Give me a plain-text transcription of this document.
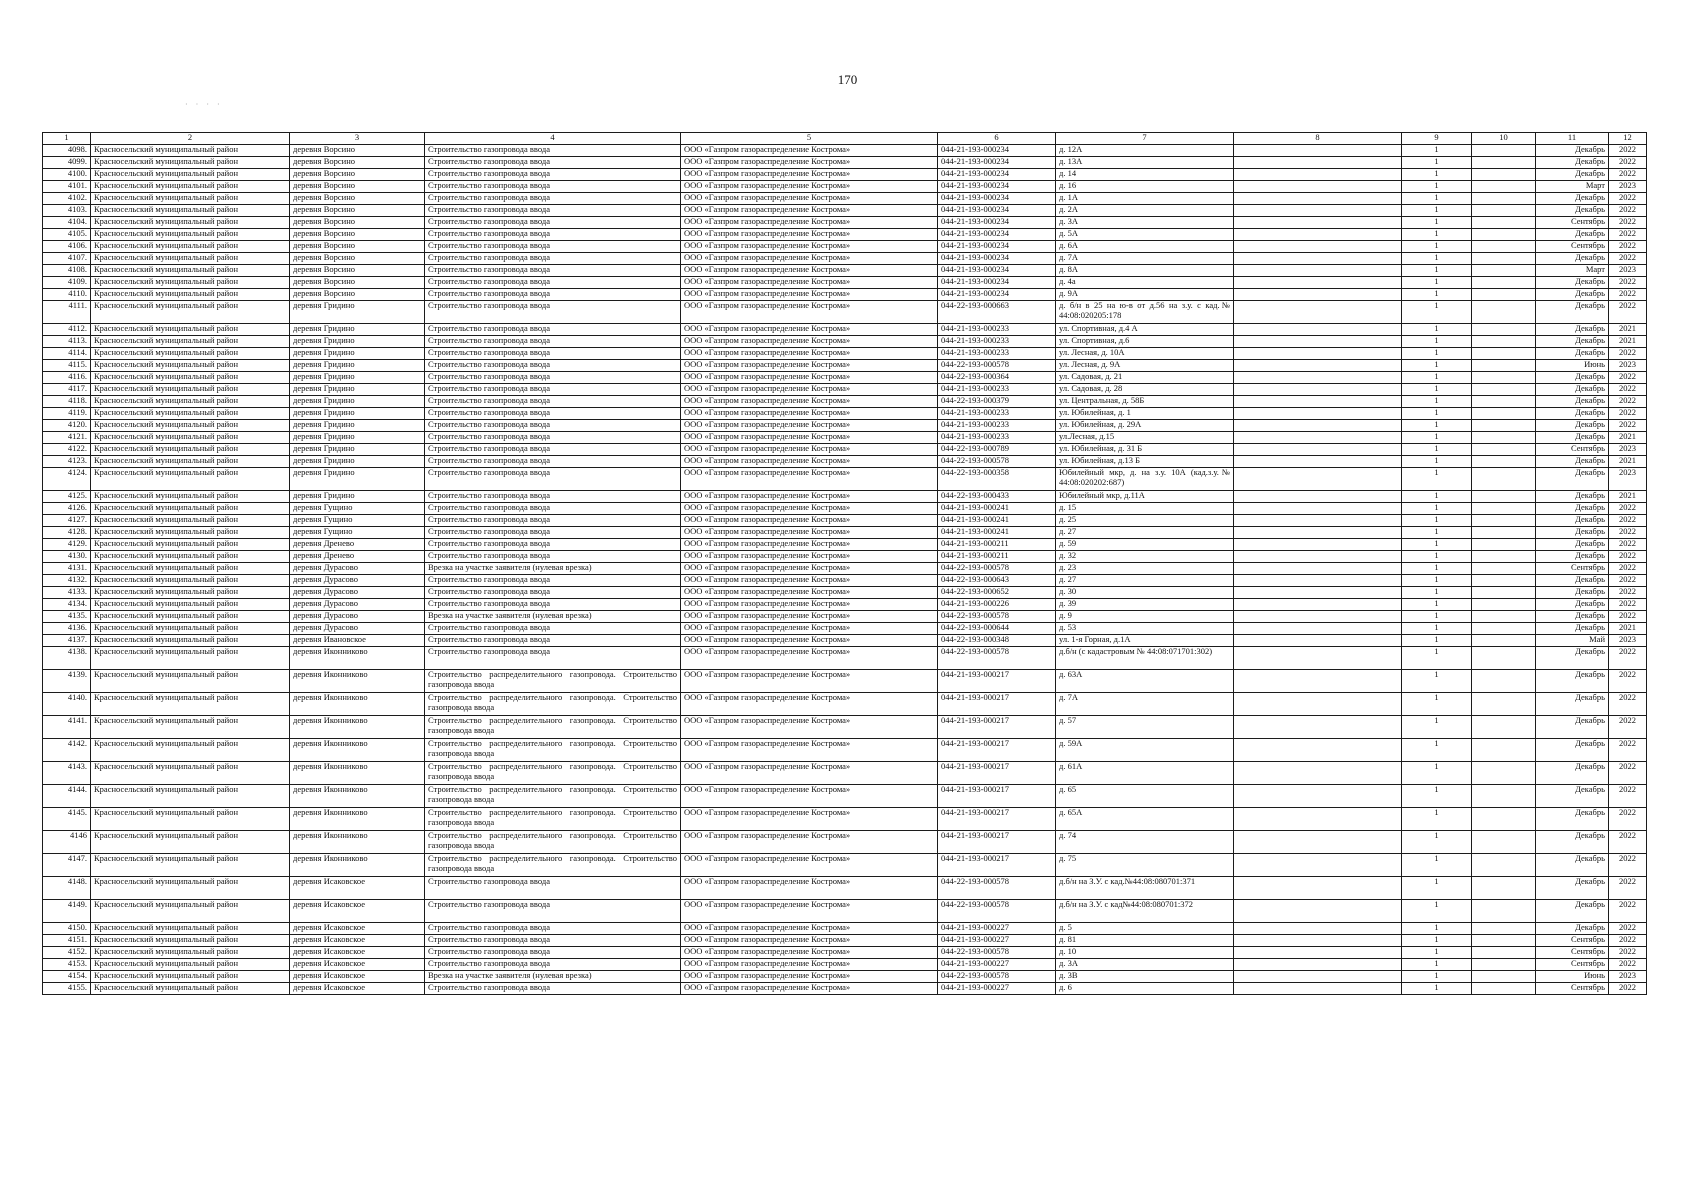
170
· · · ·
1	2	3	4	5	6	7	8	9	10	11	12
4098.	Красносельский муниципальный район	деревня Ворсино	Строительство газопровода ввода	ООО «Газпром газораспределение Кострома»	044-21-193-000234	д. 12А		1		Декабрь	2022
4099.	Красносельский муниципальный район	деревня Ворсино	Строительство газопровода ввода	ООО «Газпром газораспределение Кострома»	044-21-193-000234	д. 13А		1		Декабрь	2022
4100.	Красносельский муниципальный район	деревня Ворсино	Строительство газопровода ввода	ООО «Газпром газораспределение Кострома»	044-21-193-000234	д. 14		1		Декабрь	2022
4101.	Красносельский муниципальный район	деревня Ворсино	Строительство газопровода ввода	ООО «Газпром газораспределение Кострома»	044-21-193-000234	д. 16		1		Март	2023
4102.	Красносельский муниципальный район	деревня Ворсино	Строительство газопровода ввода	ООО «Газпром газораспределение Кострома»	044-21-193-000234	д. 1А		1		Декабрь	2022
4103.	Красносельский муниципальный район	деревня Ворсино	Строительство газопровода ввода	ООО «Газпром газораспределение Кострома»	044-21-193-000234	д. 2А		1		Декабрь	2022
4104.	Красносельский муниципальный район	деревня Ворсино	Строительство газопровода ввода	ООО «Газпром газораспределение Кострома»	044-21-193-000234	д. 3А		1		Сентябрь	2022
4105.	Красносельский муниципальный район	деревня Ворсино	Строительство газопровода ввода	ООО «Газпром газораспределение Кострома»	044-21-193-000234	д. 5А		1		Декабрь	2022
4106.	Красносельский муниципальный район	деревня Ворсино	Строительство газопровода ввода	ООО «Газпром газораспределение Кострома»	044-21-193-000234	д. 6А		1		Сентябрь	2022
4107.	Красносельский муниципальный район	деревня Ворсино	Строительство газопровода ввода	ООО «Газпром газораспределение Кострома»	044-21-193-000234	д. 7А		1		Декабрь	2022
4108.	Красносельский муниципальный район	деревня Ворсино	Строительство газопровода ввода	ООО «Газпром газораспределение Кострома»	044-21-193-000234	д. 8А		1		Март	2023
4109.	Красносельский муниципальный район	деревня Ворсино	Строительство газопровода ввода	ООО «Газпром газораспределение Кострома»	044-21-193-000234	д. 4а		1		Декабрь	2022
4110.	Красносельский муниципальный район	деревня Ворсино	Строительство газопровода ввода	ООО «Газпром газораспределение Кострома»	044-21-193-000234	д. 9А		1		Декабрь	2022
4111.	Красносельский муниципальный район	деревня Гридино	Строительство газопровода ввода	ООО «Газпром газораспределение Кострома»	044-22-193-000663	д. б/н в 25 на ю-в от д.56 на з.у. с кад.№ 44:08:020205:178		1		Декабрь	2022
4112.	Красносельский муниципальный район	деревня Гридино	Строительство газопровода ввода	ООО «Газпром газораспределение Кострома»	044-21-193-000233	ул. Спортивная, д.4 А		1		Декабрь	2021
4113.	Красносельский муниципальный район	деревня Гридино	Строительство газопровода ввода	ООО «Газпром газораспределение Кострома»	044-21-193-000233	ул. Спортивная, д.6		1		Декабрь	2021
4114.	Красносельский муниципальный район	деревня Гридино	Строительство газопровода ввода	ООО «Газпром газораспределение Кострома»	044-21-193-000233	ул. Лесная, д. 10А		1		Декабрь	2022
4115.	Красносельский муниципальный район	деревня Гридино	Строительство газопровода ввода	ООО «Газпром газораспределение Кострома»	044-22-193-000578	ул. Лесная, д. 9А		1		Июнь	2023
4116.	Красносельский муниципальный район	деревня Гридино	Строительство газопровода ввода	ООО «Газпром газораспределение Кострома»	044-22-193-000364	ул. Садовая, д. 21		1		Декабрь	2022
4117.	Красносельский муниципальный район	деревня Гридино	Строительство газопровода ввода	ООО «Газпром газораспределение Кострома»	044-21-193-000233	ул. Садовая, д. 28		1		Декабрь	2022
4118.	Красносельский муниципальный район	деревня Гридино	Строительство газопровода ввода	ООО «Газпром газораспределение Кострома»	044-22-193-000379	ул. Центральная, д. 58Б		1		Декабрь	2022
4119.	Красносельский муниципальный район	деревня Гридино	Строительство газопровода ввода	ООО «Газпром газораспределение Кострома»	044-21-193-000233	ул. Юбилейная, д. 1		1		Декабрь	2022
4120.	Красносельский муниципальный район	деревня Гридино	Строительство газопровода ввода	ООО «Газпром газораспределение Кострома»	044-21-193-000233	ул. Юбилейная, д. 29А		1		Декабрь	2022
4121.	Красносельский муниципальный район	деревня Гридино	Строительство газопровода ввода	ООО «Газпром газораспределение Кострома»	044-21-193-000233	ул.Лесная, д.15		1		Декабрь	2021
4122.	Красносельский муниципальный район	деревня Гридино	Строительство газопровода ввода	ООО «Газпром газораспределение Кострома»	044-22-193-000789	ул. Юбилейная, д. 31 Б		1		Сентябрь	2023
4123.	Красносельский муниципальный район	деревня Гридино	Строительство газопровода ввода	ООО «Газпром газораспределение Кострома»	044-22-193-000578	ул. Юбилейная, д.13 Б		1		Декабрь	2021
4124.	Красносельский муниципальный район	деревня Гридино	Строительство газопровода ввода	ООО «Газпром газораспределение Кострома»	044-22-193-000358	Юбилейный мкр, д. на з.у. 10А (кад.з.у.№ 44:08:020202:687)		1		Декабрь	2023
4125.	Красносельский муниципальный район	деревня Гридино	Строительство газопровода ввода	ООО «Газпром газораспределение Кострома»	044-22-193-000433	Юбилейный мкр, д.11А		1		Декабрь	2021
4126.	Красносельский муниципальный район	деревня Гущино	Строительство газопровода ввода	ООО «Газпром газораспределение Кострома»	044-21-193-000241	д. 15		1		Декабрь	2022
4127.	Красносельский муниципальный район	деревня Гущино	Строительство газопровода ввода	ООО «Газпром газораспределение Кострома»	044-21-193-000241	д. 25		1		Декабрь	2022
4128.	Красносельский муниципальный район	деревня Гущино	Строительство газопровода ввода	ООО «Газпром газораспределение Кострома»	044-21-193-000241	д. 27		1		Декабрь	2022
4129.	Красносельский муниципальный район	деревня Дренево	Строительство газопровода ввода	ООО «Газпром газораспределение Кострома»	044-21-193-000211	д. 59		1		Декабрь	2022
4130.	Красносельский муниципальный район	деревня Дренево	Строительство газопровода ввода	ООО «Газпром газораспределение Кострома»	044-21-193-000211	д. 32		1		Декабрь	2022
4131.	Красносельский муниципальный район	деревня Дурасово	Врезка на участке заявителя (нулевая врезка)	ООО «Газпром газораспределение Кострома»	044-22-193-000578	д. 23		1		Сентябрь	2022
4132.	Красносельский муниципальный район	деревня Дурасово	Строительство газопровода ввода	ООО «Газпром газораспределение Кострома»	044-22-193-000643	д. 27		1		Декабрь	2022
4133.	Красносельский муниципальный район	деревня Дурасово	Строительство газопровода ввода	ООО «Газпром газораспределение Кострома»	044-22-193-000652	д. 30		1		Декабрь	2022
4134.	Красносельский муниципальный район	деревня Дурасово	Строительство газопровода ввода	ООО «Газпром газораспределение Кострома»	044-21-193-000226	д. 39		1		Декабрь	2022
4135.	Красносельский муниципальный район	деревня Дурасово	Врезка на участке заявителя (нулевая врезка)	ООО «Газпром газораспределение Кострома»	044-22-193-000578	д. 9		1		Декабрь	2022
4136.	Красносельский муниципальный район	деревня Дурасово	Строительство газопровода ввода	ООО «Газпром газораспределение Кострома»	044-22-193-000644	д. 53		1		Декабрь	2021
4137.	Красносельский муниципальный район	деревня Ивановское	Строительство газопровода ввода	ООО «Газпром газораспределение Кострома»	044-22-193-000348	ул. 1-я Горная, д.1А		1		Май	2023
4138.	Красносельский муниципальный район	деревня Иконниково	Строительство газопровода ввода	ООО «Газпром газораспределение Кострома»	044-22-193-000578	д.б/н (с кадастровым № 44:08:071701:302)		1		Декабрь	2022
4139.	Красносельский муниципальный район	деревня Иконниково	Строительство распределительного газопровода. Строительство газопровода ввода	ООО «Газпром газораспределение Кострома»	044-21-193-000217	д. 63А		1		Декабрь	2022
4140.	Красносельский муниципальный район	деревня Иконниково	Строительство распределительного газопровода. Строительство газопровода ввода	ООО «Газпром газораспределение Кострома»	044-21-193-000217	д. 7А		1		Декабрь	2022
4141.	Красносельский муниципальный район	деревня Иконниково	Строительство распределительного газопровода. Строительство газопровода ввода	ООО «Газпром газораспределение Кострома»	044-21-193-000217	д. 57		1		Декабрь	2022
4142.	Красносельский муниципальный район	деревня Иконниково	Строительство распределительного газопровода. Строительство газопровода ввода	ООО «Газпром газораспределение Кострома»	044-21-193-000217	д. 59А		1		Декабрь	2022
4143.	Красносельский муниципальный район	деревня Иконниково	Строительство распределительного газопровода. Строительство газопровода ввода	ООО «Газпром газораспределение Кострома»	044-21-193-000217	д. 61А		1		Декабрь	2022
4144.	Красносельский муниципальный район	деревня Иконниково	Строительство распределительного газопровода. Строительство газопровода ввода	ООО «Газпром газораспределение Кострома»	044-21-193-000217	д. 65		1		Декабрь	2022
4145.	Красносельский муниципальный район	деревня Иконниково	Строительство распределительного газопровода. Строительство газопровода ввода	ООО «Газпром газораспределение Кострома»	044-21-193-000217	д. 65А		1		Декабрь	2022
4146	Красносельский муниципальный район	деревня Иконниково	Строительство распределительного газопровода. Строительство газопровода ввода	ООО «Газпром газораспределение Кострома»	044-21-193-000217	д. 74		1		Декабрь	2022
4147.	Красносельский муниципальный район	деревня Иконниково	Строительство распределительного газопровода. Строительство газопровода ввода	ООО «Газпром газораспределение Кострома»	044-21-193-000217	д. 75		1		Декабрь	2022
4148.	Красносельский муниципальный район	деревня Исаковское	Строительство газопровода ввода	ООО «Газпром газораспределение Кострома»	044-22-193-000578	д.б/н на З.У. с кад.№44:08:080701:371		1		Декабрь	2022
4149.	Красносельский муниципальный район	деревня Исаковское	Строительство газопровода ввода	ООО «Газпром газораспределение Кострома»	044-22-193-000578	д.б/н на З.У. с кад№44:08:080701:372		1		Декабрь	2022
4150.	Красносельский муниципальный район	деревня Исаковское	Строительство газопровода ввода	ООО «Газпром газораспределение Кострома»	044-21-193-000227	д. 5		1		Декабрь	2022
4151.	Красносельский муниципальный район	деревня Исаковское	Строительство газопровода ввода	ООО «Газпром газораспределение Кострома»	044-21-193-000227	д. 81		1		Сентябрь	2022
4152.	Красносельский муниципальный район	деревня Исаковское	Строительство газопровода ввода	ООО «Газпром газораспределение Кострома»	044-22-193-000578	д. 10		1		Сентябрь	2022
4153.	Красносельский муниципальный район	деревня Исаковское	Строительство газопровода ввода	ООО «Газпром газораспределение Кострома»	044-21-193-000227	д. 3А		1		Сентябрь	2022
4154.	Красносельский муниципальный район	деревня Исаковское	Врезка на участке заявителя (нулевая врезка)	ООО «Газпром газораспределение Кострома»	044-22-193-000578	д. 3В		1		Июнь	2023
4155.	Красносельский муниципальный район	деревня Исаковское	Строительство газопровода ввода	ООО «Газпром газораспределение Кострома»	044-21-193-000227	д. 6		1		Сентябрь	2022
